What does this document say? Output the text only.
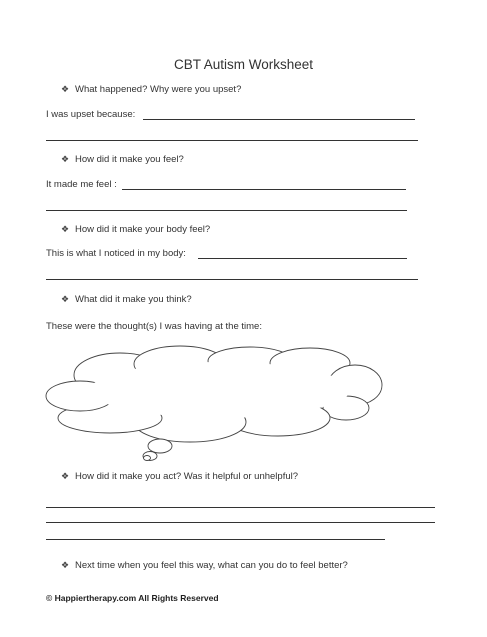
CBT Autism Worksheet
❖ What happened? Why were you upset?
I was upset because:
❖ How did it make you feel?
It made me feel :
❖ How did it make your body feel?
This is what I noticed in my body:
❖ What did it make you think?
These were the thought(s) I was having at the time:
❖ How did it make you act? Was it helpful or unhelpful?
❖ Next time when you feel this way, what can you do to feel better?
© Happiertherapy.com All Rights Reserved
